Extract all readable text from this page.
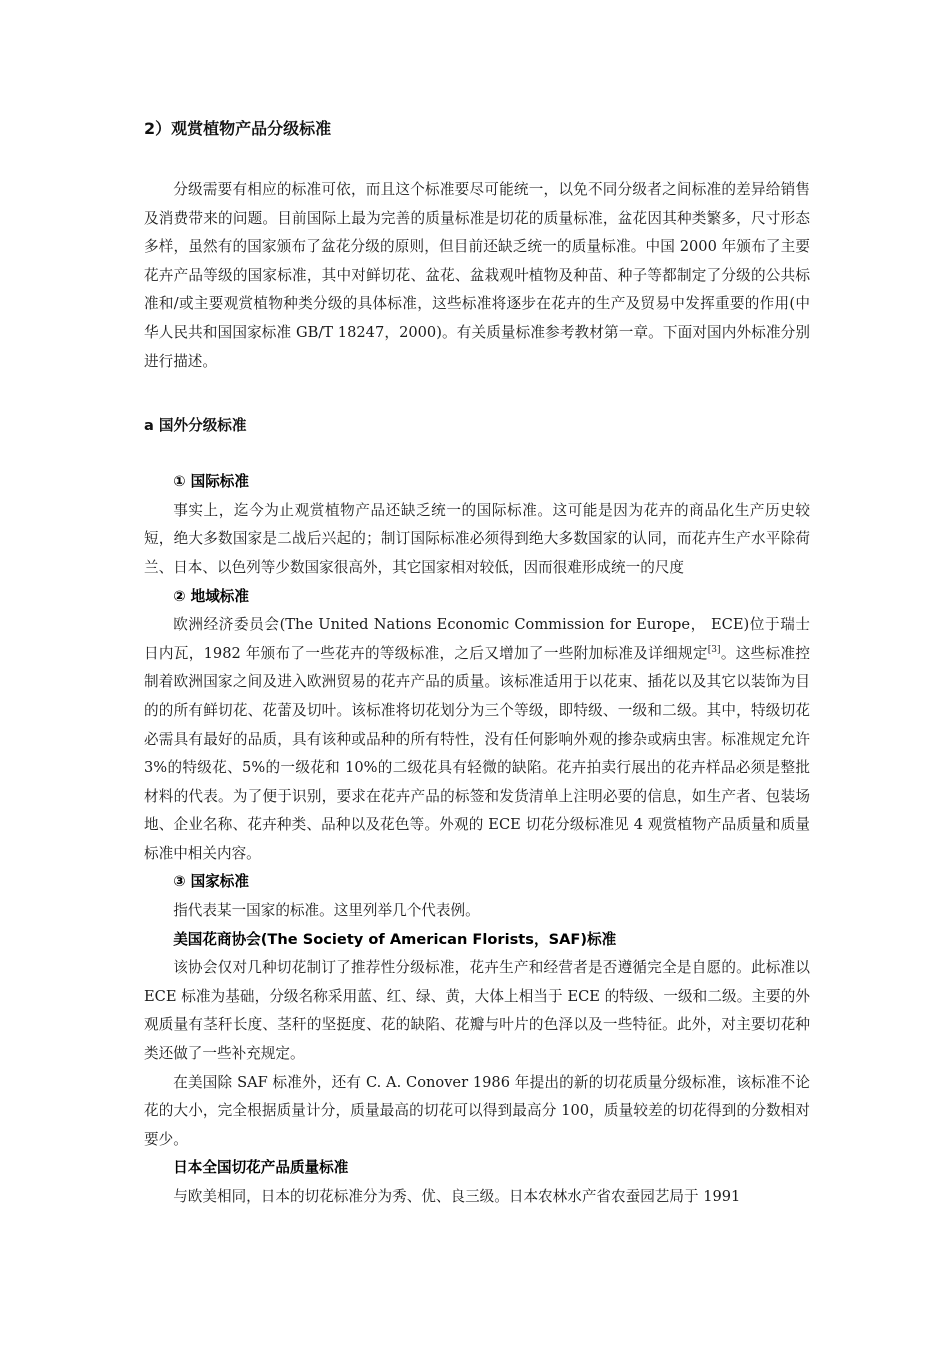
2）观赏植物产品分级标准

分级需要有相应的标准可依，而且这个标准要尽可能统一，以免不同分级者之间标准的差异给销售及消费带来的问题。目前国际上最为完善的质量标准是切花的质量标准，盆花因其种类繁多，尺寸形态多样，虽然有的国家颁布了盆花分级的原则，但目前还缺乏统一的质量标准。中国 2000 年颁布了主要花卉产品等级的国家标准，其中对鲜切花、盆花、盆栽观叶植物及种苗、种子等都制定了分级的公共标准和/或主要观赏植物种类分级的具体标准，这些标准将逐步在花卉的生产及贸易中发挥重要的作用(中华人民共和国国家标准 GB/T 18247，2000)。有关质量标准参考教材第一章。下面对国内外标准分别进行描述。

a 国外分级标准

① 国际标准

事实上，迄今为止观赏植物产品还缺乏统一的国际标准。这可能是因为花卉的商品化生产历史较短，绝大多数国家是二战后兴起的；制订国际标准必须得到绝大多数国家的认同，而花卉生产水平除荷兰、日本、以色列等少数国家很高外，其它国家相对较低，因而很难形成统一的尺度

② 地域标准

欧洲经济委员会(The United Nations Economic Commission for Europe， ECE)位于瑞士日内瓦，1982 年颁布了一些花卉的等级标准，之后又增加了一些附加标准及详细规定[3]。这些标准控制着欧洲国家之间及进入欧洲贸易的花卉产品的质量。该标准适用于以花束、插花以及其它以装饰为目的的所有鲜切花、花蕾及切叶。该标准将切花划分为三个等级，即特级、一级和二级。其中，特级切花必需具有最好的品质，具有该种或品种的所有特性，没有任何影响外观的掺杂或病虫害。标准规定允许 3%的特级花、5%的一级花和 10%的二级花具有轻微的缺陷。花卉拍卖行展出的花卉样品必须是整批材料的代表。为了便于识别，要求在花卉产品的标签和发货清单上注明必要的信息，如生产者、包装场地、企业名称、花卉种类、品种以及花色等。外观的 ECE 切花分级标准见 4 观赏植物产品质量和质量标准中相关内容。

③ 国家标准

指代表某一国家的标准。这里列举几个代表例。

美国花商协会(The Society of American Florists，SAF)标准

该协会仅对几种切花制订了推荐性分级标准，花卉生产和经营者是否遵循完全是自愿的。此标准以 ECE 标准为基础，分级名称采用蓝、红、绿、黄，大体上相当于 ECE 的特级、一级和二级。主要的外观质量有茎秆长度、茎秆的坚挺度、花的缺陷、花瓣与叶片的色泽以及一些特征。此外，对主要切花种类还做了一些补充规定。

在美国除 SAF 标准外，还有 C. A. Conover 1986 年提出的新的切花质量分级标准，该标准不论花的大小，完全根据质量计分，质量最高的切花可以得到最高分 100，质量较差的切花得到的分数相对要少。

日本全国切花产品质量标准

与欧美相同，日本的切花标准分为秀、优、良三级。日本农林水产省农蚕园艺局于 1991
